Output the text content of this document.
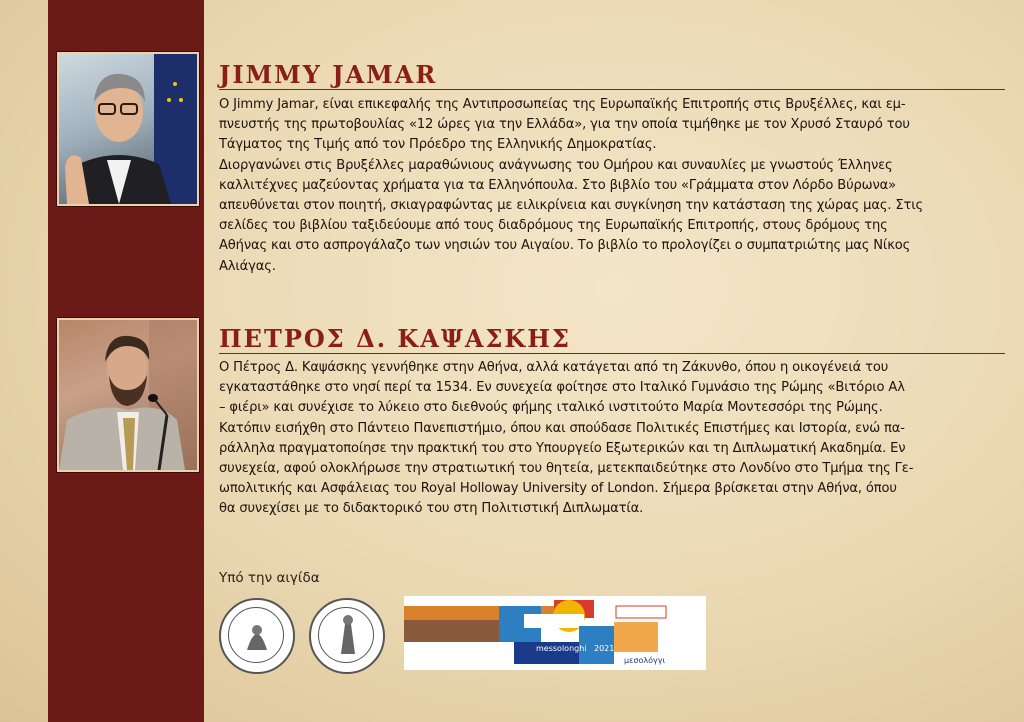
JIMMY JAMAR
Ο Jimmy Jamar, είναι επικεφαλής της Αντιπροσωπείας της Ευρωπαϊκής Επιτροπής στις Βρυξέλλες, και εμ-
πνευστής της πρωτοβουλίας «12 ώρες για την Ελλάδα», για την οποία τιμήθηκε με τον Χρυσό Σταυρό του
Τάγματος της Τιμής από τον Πρόεδρο της Ελληνικής Δημοκρατίας.
Διοργανώνει στις Βρυξέλλες μαραθώνιους ανάγνωσης του Ομήρου και συναυλίες με γνωστούς Έλληνες
καλλιτέχνες μαζεύοντας χρήματα για τα Ελληνόπουλα. Στο βιβλίο του «Γράμματα στον Λόρδο Βύρωνα»
απευθύνεται στον ποιητή, σκιαγραφώντας με ειλικρίνεια και συγκίνηση την κατάσταση της χώρας μας. Στις
σελίδες του βιβλίου ταξιδεύουμε από τους διαδρόμους της Ευρωπαϊκής Επιτροπής, στους δρόμους της
Αθήνας και στο ασπρογάλαζο των νησιών του Αιγαίου. Το βιβλίο το προλογίζει ο συμπατριώτης μας Νίκος
Αλιάγας.
ΠΕΤΡΟΣ Δ. ΚΑΨΑΣΚΗΣ
Ο Πέτρος Δ. Καψάσκης γεννήθηκε στην Αθήνα, αλλά κατάγεται από τη Ζάκυνθο, όπου η οικογένειά του
εγκαταστάθηκε στο νησί περί τα 1534. Εν συνεχεία φοίτησε στο Ιταλικό Γυμνάσιο της Ρώμης «Βιτόριο Αλ
– φιέρι» και συνέχισε το λύκειο στο διεθνούς φήμης ιταλικό ινστιτούτο Μαρία Μοντεσσόρι της Ρώμης.
Κατόπιν εισήχθη στο Πάντειο Πανεπιστήμιο, όπου και σπούδασε Πολιτικές Επιστήμες και Ιστορία, ενώ πα-
ράλληλα πραγματοποίησε την πρακτική του στο Υπουργείο Εξωτερικών και τη Διπλωματική Ακαδημία. Εν
συνεχεία, αφού ολοκλήρωσε την στρατιωτική του θητεία, μετεκπαιδεύτηκε στο Λονδίνο στο Τμήμα της Γε-
ωπολιτικής και Ασφάλειας του Royal Holloway University of London. Σήμερα βρίσκεται στην Αθήνα, όπου
θα συνεχίσει με το διδακτορικό του στη Πολιτιστική Διπλωματία.
Υπό την αιγίδα
messolonghi 2021
μεσολόγγι
